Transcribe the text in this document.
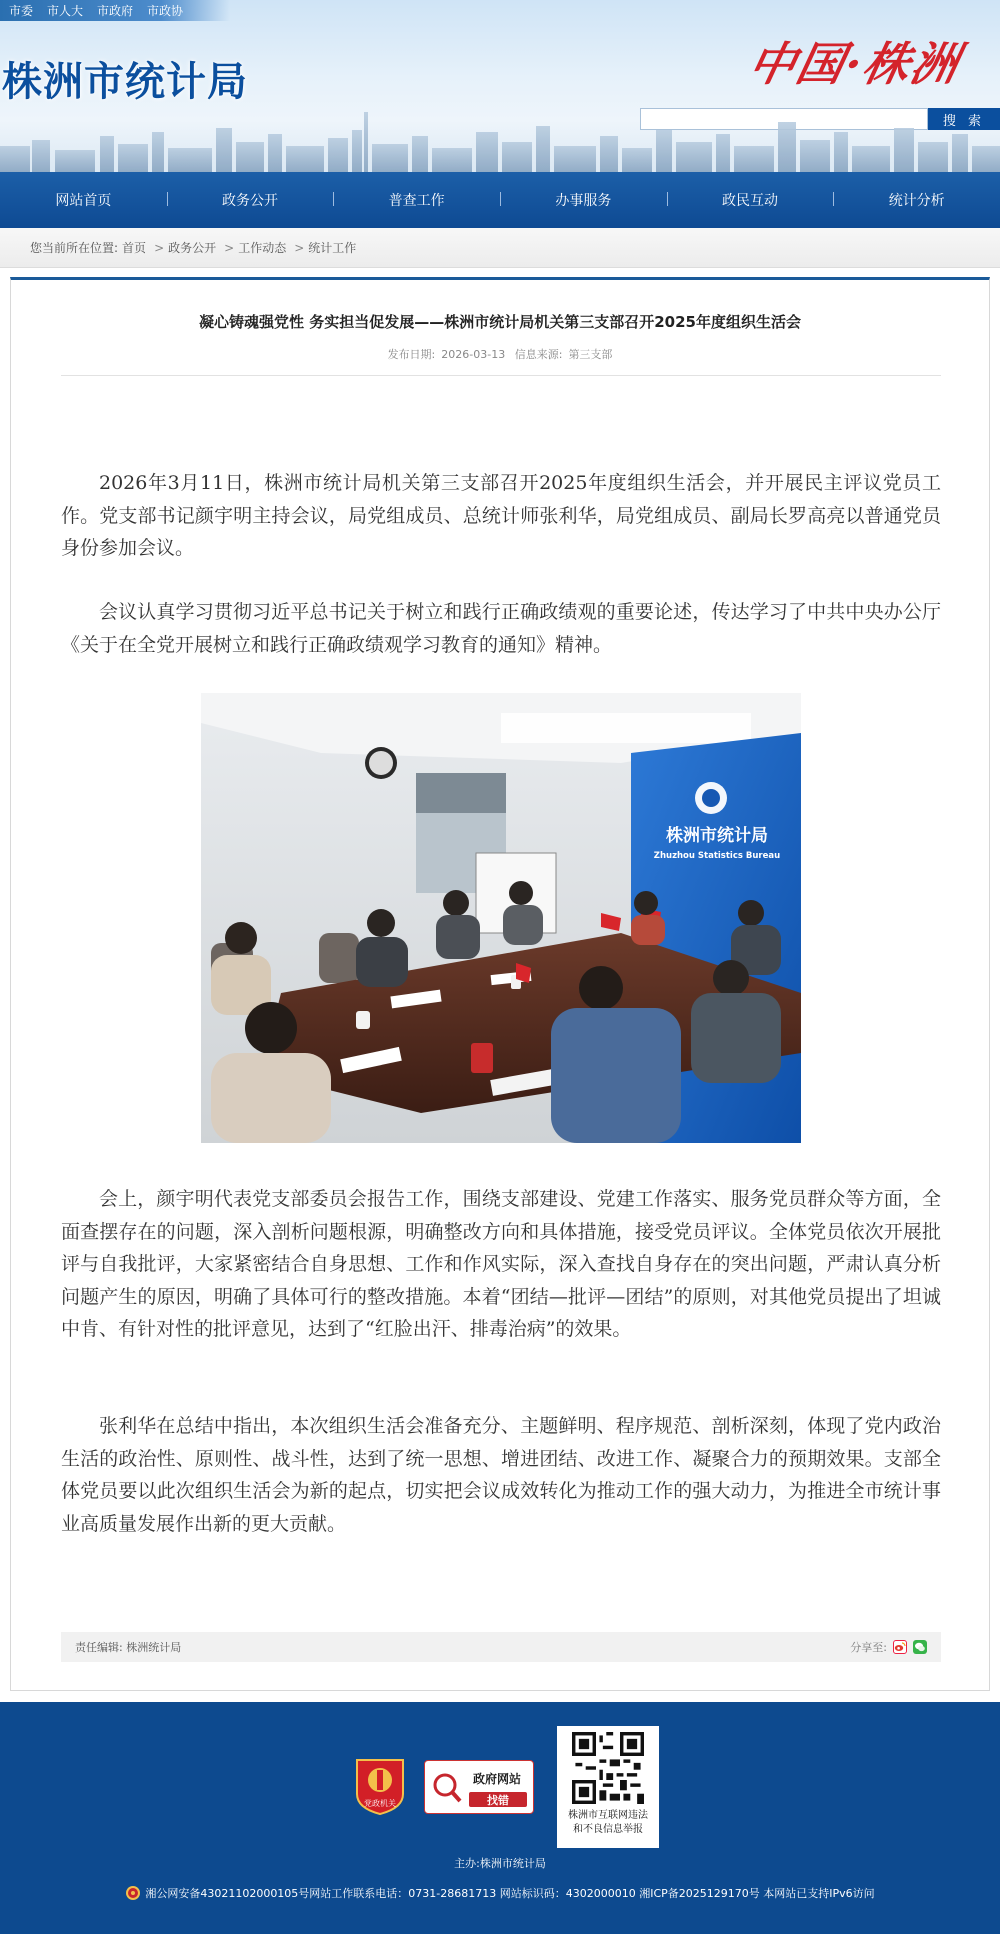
市委 市人大 市政府 市政协
株洲市统计局	中国·株洲
搜 索
网站首页	政务公开	普查工作	办事服务	政民互动	统计分析
您当前所在位置: 首页 > 政务公开 > 工作动态 > 统计工作
凝心铸魂强党性 务实担当促发展——株洲市统计局机关第三支部召开2025年度组织生活会
发布日期: 2026-03-13 信息来源: 第三支部

2026年3月11日，株洲市统计局机关第三支部召开2025年度组织生活会，并开展民主评议党员工作。党支部书记颜宇明主持会议，局党组成员、总统计师张利华，局党组成员、副局长罗高亮以普通党员身份参加会议。

会议认真学习贯彻习近平总书记关于树立和践行正确政绩观的重要论述，传达学习了中共中央办公厅《关于在全党开展树立和践行正确政绩观学习教育的通知》精神。

株洲市统计局
Zhuzhou Statistics Bureau

会上，颜宇明代表党支部委员会报告工作，围绕支部建设、党建工作落实、服务党员群众等方面，全面查摆存在的问题，深入剖析问题根源，明确整改方向和具体措施，接受党员评议。全体党员依次开展批评与自我批评，大家紧密结合自身思想、工作和作风实际，深入查找自身存在的突出问题，严肃认真分析问题产生的原因，明确了具体可行的整改措施。本着“团结—批评—团结”的原则，对其他党员提出了坦诚中肯、有针对性的批评意见，达到了“红脸出汗、排毒治病”的效果。

张利华在总结中指出，本次组织生活会准备充分、主题鲜明、程序规范、剖析深刻，体现了党内政治生活的政治性、原则性、战斗性，达到了统一思想、增进团结、改进工作、凝聚合力的预期效果。支部全体党员要以此次组织生活会为新的起点，切实把会议成效转化为推动工作的强大动力，为推进全市统计事业高质量发展作出新的更大贡献。

责任编辑: 株洲统计局	分享至:
党政机关
政府网站
找错
株洲市互联网违法
和不良信息举报
主办:株洲市统计局
湘公网安备43021102000105号网站工作联系电话：0731-28681713 网站标识码：4302000010 湘ICP备2025129170号 本网站已支持IPv6访问
